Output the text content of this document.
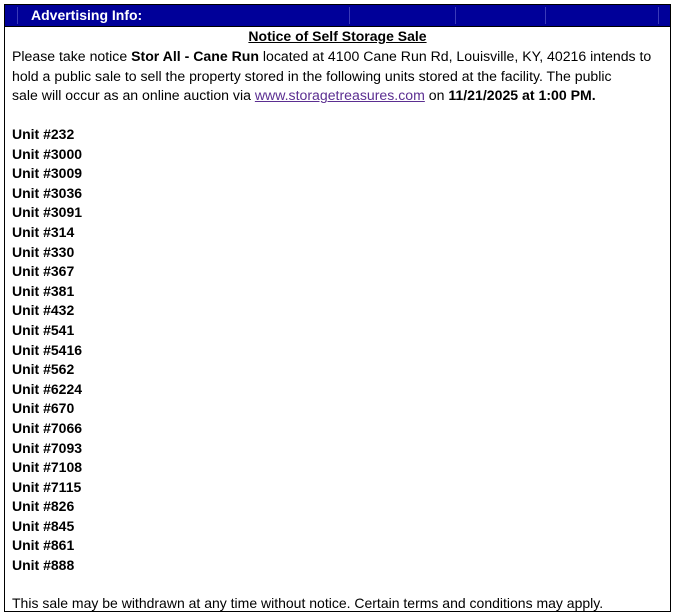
Advertising Info:
Notice of Self Storage Sale
Please take notice Stor All - Cane Run located at 4100 Cane Run Rd, Louisville, KY, 40216 intends to
hold a public sale to sell the property stored in the following units stored at the facility. The public
sale will occur as an online auction via www.storagetreasures.com on 11/21/2025 at 1:00 PM.
Unit #232
Unit #3000
Unit #3009
Unit #3036
Unit #3091
Unit #314
Unit #330
Unit #367
Unit #381
Unit #432
Unit #541
Unit #5416
Unit #562
Unit #6224
Unit #670
Unit #7066
Unit #7093
Unit #7108
Unit #7115
Unit #826
Unit #845
Unit #861
Unit #888
This sale may be withdrawn at any time without notice. Certain terms and conditions may apply.
